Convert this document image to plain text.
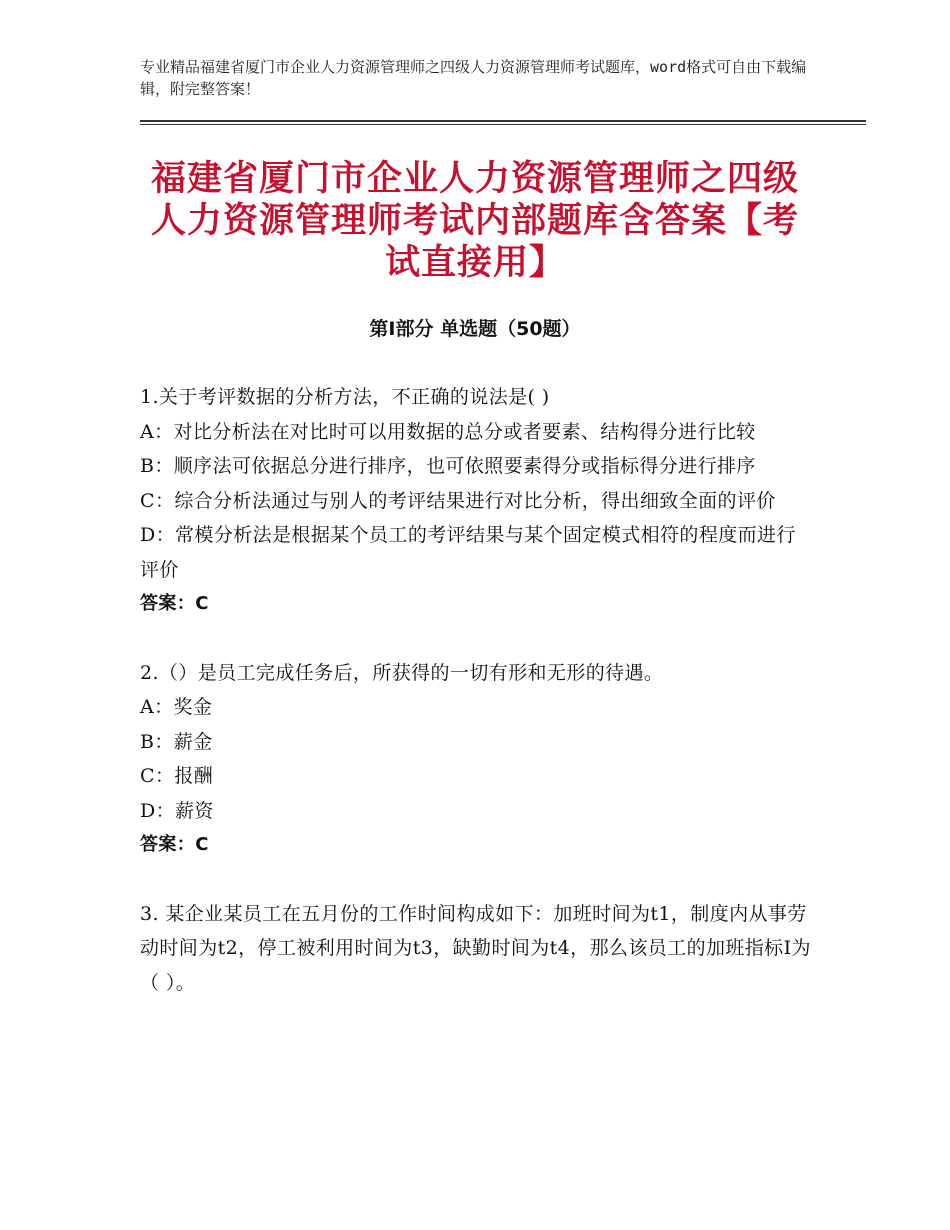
专业精品福建省厦门市企业人力资源管理师之四级人力资源管理师考试题库，word格式可自由下载编辑，附完整答案！
福建省厦门市企业人力资源管理师之四级人力资源管理师考试内部题库含答案【考试直接用】
第Ⅰ部分 单选题（50题）
1.关于考评数据的分析方法，不正确的说法是( )
A：对比分析法在对比时可以用数据的总分或者要素、结构得分进行比较
B：顺序法可依据总分进行排序，也可依照要素得分或指标得分进行排序
C：综合分析法通过与别人的考评结果进行对比分析，得出细致全面的评价
D：常模分析法是根据某个员工的考评结果与某个固定模式相符的程度而进行评价
答案：C
2.（）是员工完成任务后，所获得的一切有形和无形的待遇。
A：奖金
B：薪金
C：报酬
D：薪资
答案：C
3. 某企业某员工在五月份的工作时间构成如下：加班时间为t1，制度内从事劳动时间为t2，停工被利用时间为t3，缺勤时间为t4，那么该员工的加班指标Ⅰ为（ ）。
